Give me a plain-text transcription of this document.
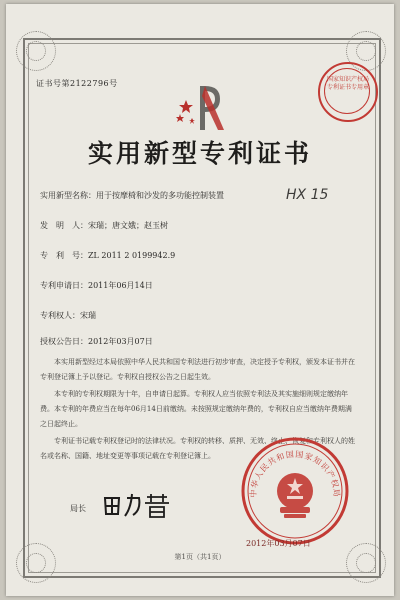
证书号第2122796号	国家知识产权局专利证书专用章
实用新型专利证书
实用新型名称：用于按摩椅和沙发的多功能控制装置	HX 15
发　明　人：宋瑞；唐文娥；赵玉树
专　利　号：ZL 2011 2 0199942.9
专利申请日：2011年06月14日
专利权人：宋瑞
授权公告日：2012年03月07日

本实用新型经过本局依照中华人民共和国专利法进行初步审查，决定授予专利权，颁发本证书并在专利登记簿上予以登记。专利权自授权公告之日起生效。

本专利的专利权期限为十年，自申请日起算。专利权人应当依照专利法及其实施细则规定缴纳年费。本专利的年费应当在每年06月14日前缴纳。未按照规定缴纳年费的，专利权自应当缴纳年费期满之日起终止。

专利证书记载专利权登记时的法律状况。专利权的转移、质押、无效、终止、恢复和专利权人的姓名或名称、国籍、地址变更等事项记载在专利登记簿上。

局长
中华人民共和国国家知识产权局
2012年03月07日
第1页（共1页）
